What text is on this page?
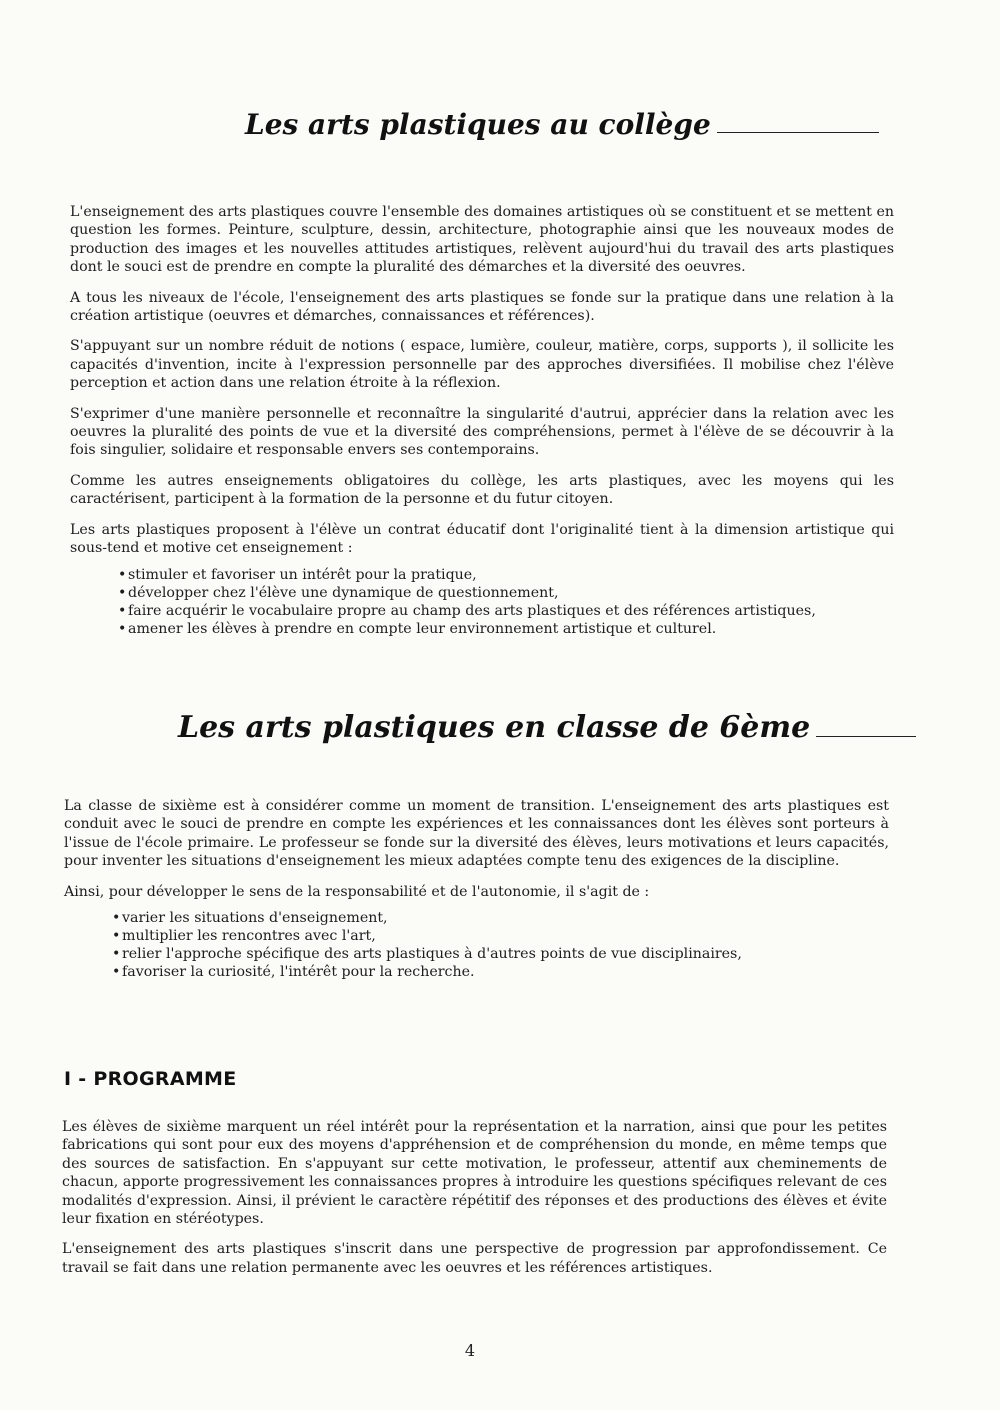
Les arts plastiques au collège

L'enseignement des arts plastiques couvre l'ensemble des domaines artistiques où se constituent et se mettent en question les formes. Peinture, sculpture, dessin, architecture, photographie ainsi que les nouveaux modes de production des images et les nouvelles attitudes artistiques, relèvent aujourd'hui du travail des arts plastiques dont le souci est de prendre en compte la pluralité des démarches et la diversité des oeuvres.

A tous les niveaux de l'école, l'enseignement des arts plastiques se fonde sur la pratique dans une relation à la création artistique (oeuvres et démarches, connaissances et références).

S'appuyant sur un nombre réduit de notions ( espace, lumière, couleur, matière, corps, supports ), il sollicite les capacités d'invention, incite à l'expression personnelle par des approches diversifiées. Il mobilise chez l'élève perception et action dans une relation étroite à la réflexion.

S'exprimer d'une manière personnelle et reconnaître la singularité d'autrui, apprécier dans la relation avec les oeuvres la pluralité des points de vue et la diversité des compréhensions, permet à l'élève de se découvrir à la fois singulier, solidaire et responsable envers ses contemporains.

Comme les autres enseignements obligatoires du collège, les arts plastiques, avec les moyens qui les caractérisent, participent à la formation de la personne et du futur citoyen.

Les arts plastiques proposent à l'élève un contrat éducatif dont l'originalité tient à la dimension artistique qui sous-tend et motive cet enseignement :

• stimuler et favoriser un intérêt pour la pratique,
• développer chez l'élève une dynamique de questionnement,
• faire acquérir le vocabulaire propre au champ des arts plastiques et des références artistiques,
• amener les élèves à prendre en compte leur environnement artistique et culturel.
Les arts plastiques en classe de 6ème

La classe de sixième est à considérer comme un moment de transition. L'enseignement des arts plastiques est conduit avec le souci de prendre en compte les expériences et les connaissances dont les élèves sont porteurs à l'issue de l'école primaire. Le professeur se fonde sur la diversité des élèves, leurs motivations et leurs capacités, pour inventer les situations d'enseignement les mieux adaptées compte tenu des exigences de la discipline.

Ainsi, pour développer le sens de la responsabilité et de l'autonomie, il s'agit de :

• varier les situations d'enseignement,
• multiplier les rencontres avec l'art,
• relier l'approche spécifique des arts plastiques à d'autres points de vue disciplinaires,
• favoriser la curiosité, l'intérêt pour la recherche.
I - PROGRAMME

Les élèves de sixième marquent un réel intérêt pour la représentation et la narration, ainsi que pour les petites fabrications qui sont pour eux des moyens d'appréhension et de compréhension du monde, en même temps que des sources de satisfaction. En s'appuyant sur cette motivation, le professeur, attentif aux cheminements de chacun, apporte progressivement les connaissances propres à introduire les questions spécifiques relevant de ces modalités d'expression. Ainsi, il prévient le caractère répétitif des réponses et des productions des élèves et évite leur fixation en stéréotypes.

L'enseignement des arts plastiques s'inscrit dans une perspective de progression par approfondissement. Ce travail se fait dans une relation permanente avec les oeuvres et les références artistiques.

4
